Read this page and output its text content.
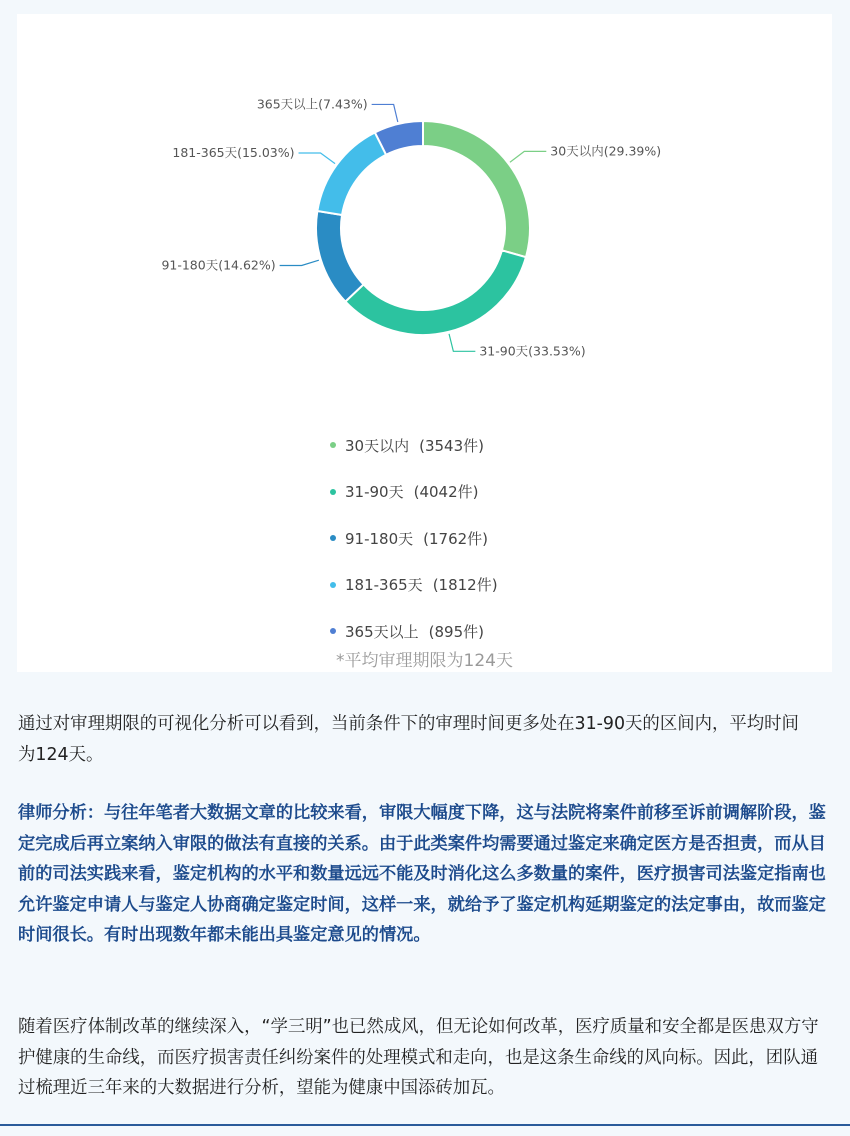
30天以内(29.39%)
31-90天(33.53%)
91-180天(14.62%)
181-365天(15.03%)
365天以上(7.43%)
30天以内 (3543件)
31-90天 (4042件)
91-180天 (1762件)
181-365天 (1812件)
365天以上 (895件)
*平均审理期限为124天

通过对审理期限的可视化分析可以看到，当前条件下的审理时间更多处在31-90天的区间内，平均时间为124天。

律师分析：与往年笔者大数据文章的比较来看，审限大幅度下降，这与法院将案件前移至诉前调解阶段，鉴定完成后再立案纳入审限的做法有直接的关系。由于此类案件均需要通过鉴定来确定医方是否担责，而从目前的司法实践来看，鉴定机构的水平和数量远远不能及时消化这么多数量的案件，医疗损害司法鉴定指南也允许鉴定申请人与鉴定人协商确定鉴定时间，这样一来，就给予了鉴定机构延期鉴定的法定事由，故而鉴定时间很长。有时出现数年都未能出具鉴定意见的情况。

随着医疗体制改革的继续深入，“学三明”也已然成风，但无论如何改革，医疗质量和安全都是医患双方守护健康的生命线，而医疗损害责任纠纷案件的处理模式和走向，也是这条生命线的风向标。因此，团队通过梳理近三年来的大数据进行分析，望能为健康中国添砖加瓦。
